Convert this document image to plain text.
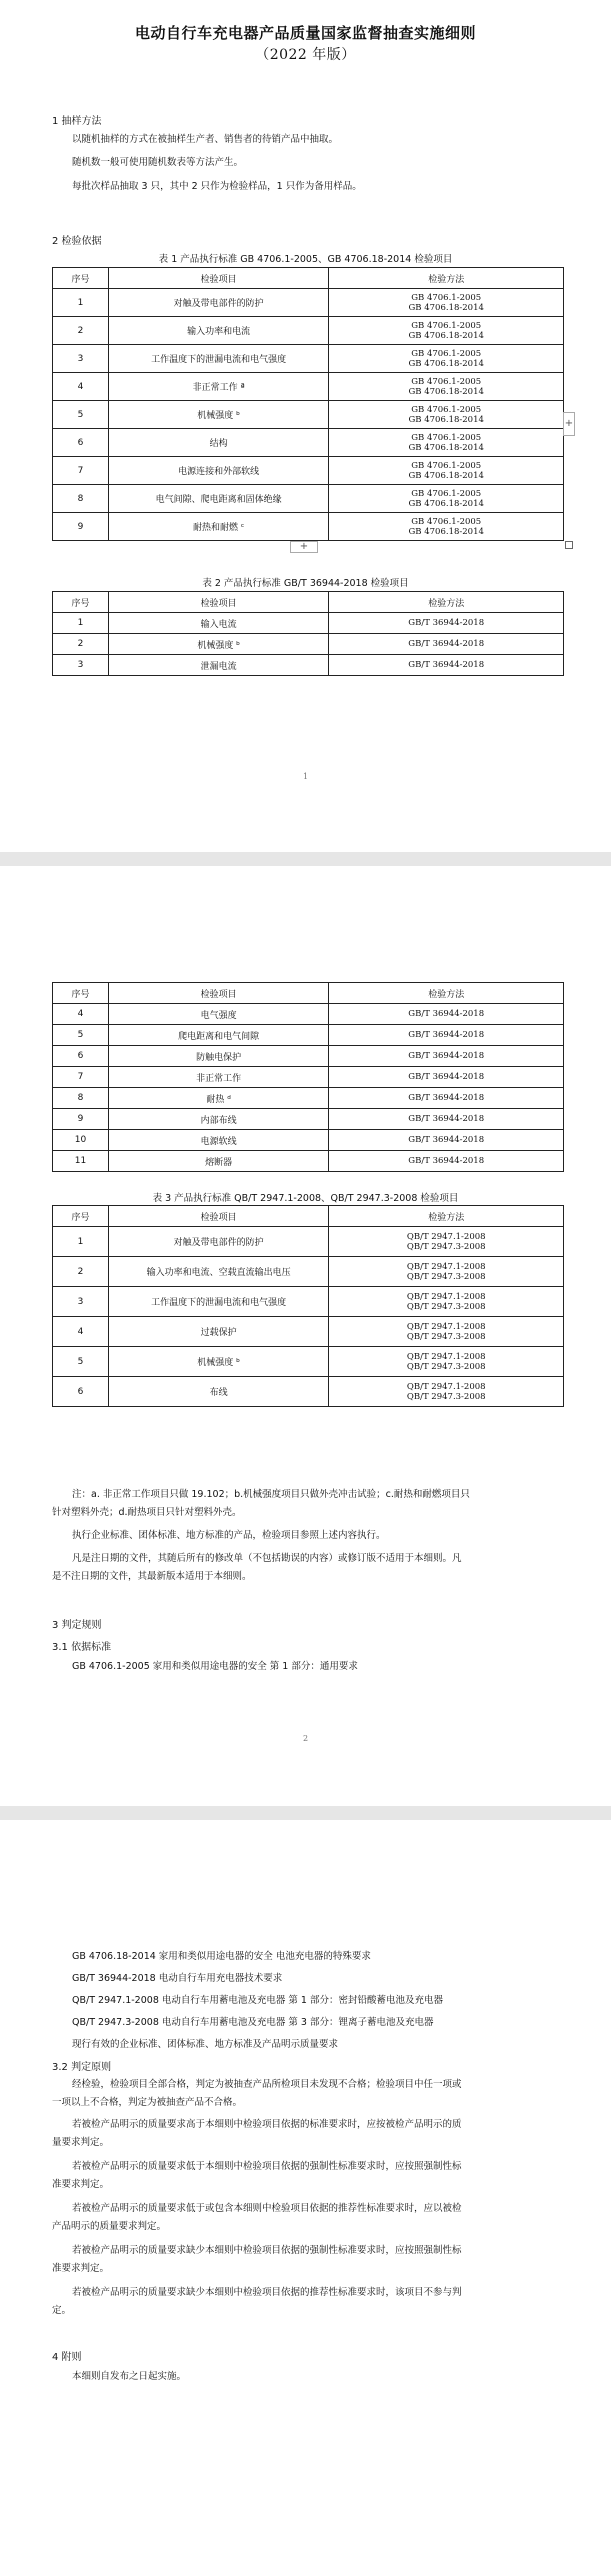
电动自行车充电器产品质量国家监督抽查实施细则
（2022 年版）
1 抽样方法
以随机抽样的方式在被抽样生产者、销售者的待销产品中抽取。
随机数一般可使用随机数表等方法产生。
每批次样品抽取 3 只，其中 2 只作为检验样品，1 只作为备用样品。
2 检验依据
表 1 产品执行标准 GB 4706.1-2005、GB 4706.18-2014 检验项目
序号	检验项目	检验方法
1	对触及带电部件的防护	GB 4706.1-2005
GB 4706.18-2014
2	输入功率和电流	GB 4706.1-2005
GB 4706.18-2014
3	工作温度下的泄漏电流和电气强度	GB 4706.1-2005
GB 4706.18-2014
4	非正常工作 ª	GB 4706.1-2005
GB 4706.18-2014
5	机械强度 ᵇ	GB 4706.1-2005
GB 4706.18-2014
6	结构	GB 4706.1-2005
GB 4706.18-2014
7	电源连接和外部软线	GB 4706.1-2005
GB 4706.18-2014
8	电气间隙、爬电距离和固体绝缘	GB 4706.1-2005
GB 4706.18-2014
9	耐热和耐燃 ᶜ	GB 4706.1-2005
GB 4706.18-2014
+
+
表 2 产品执行标准 GB/T 36944-2018 检验项目
序号	检验项目	检验方法
1	输入电流	GB/T 36944-2018
2	机械强度 ᵇ	GB/T 36944-2018
3	泄漏电流	GB/T 36944-2018
1
序号	检验项目	检验方法
4	电气强度	GB/T 36944-2018
5	爬电距离和电气间隙	GB/T 36944-2018
6	防触电保护	GB/T 36944-2018
7	非正常工作	GB/T 36944-2018
8	耐热 ᵈ	GB/T 36944-2018
9	内部布线	GB/T 36944-2018
10	电源软线	GB/T 36944-2018
11	熔断器	GB/T 36944-2018
表 3 产品执行标准 QB/T 2947.1-2008、QB/T 2947.3-2008 检验项目
序号	检验项目	检验方法
1	对触及带电部件的防护	QB/T 2947.1-2008
QB/T 2947.3-2008
2	输入功率和电流、空载直流输出电压	QB/T 2947.1-2008
QB/T 2947.3-2008
3	工作温度下的泄漏电流和电气强度	QB/T 2947.1-2008
QB/T 2947.3-2008
4	过载保护	QB/T 2947.1-2008
QB/T 2947.3-2008
5	机械强度 ᵇ	QB/T 2947.1-2008
QB/T 2947.3-2008
6	布线	QB/T 2947.1-2008
QB/T 2947.3-2008
注：a. 非正常工作项目只做 19.102；b.机械强度项目只做外壳冲击试验；c.耐热和耐燃项目只
针对塑料外壳；d.耐热项目只针对塑料外壳。
执行企业标准、团体标准、地方标准的产品，检验项目参照上述内容执行。
凡是注日期的文件，其随后所有的修改单（不包括勘误的内容）或修订版不适用于本细则。凡
是不注日期的文件，其最新版本适用于本细则。
3 判定规则
3.1 依据标准
GB 4706.1-2005 家用和类似用途电器的安全 第 1 部分：通用要求
2
GB 4706.18-2014 家用和类似用途电器的安全 电池充电器的特殊要求
GB/T 36944-2018 电动自行车用充电器技术要求
QB/T 2947.1-2008 电动自行车用蓄电池及充电器 第 1 部分：密封铅酸蓄电池及充电器
QB/T 2947.3-2008 电动自行车用蓄电池及充电器 第 3 部分：锂离子蓄电池及充电器
现行有效的企业标准、团体标准、地方标准及产品明示质量要求
3.2 判定原则
经检验，检验项目全部合格，判定为被抽查产品所检项目未发现不合格；检验项目中任一项或
一项以上不合格，判定为被抽查产品不合格。
若被检产品明示的质量要求高于本细则中检验项目依据的标准要求时，应按被检产品明示的质
量要求判定。
若被检产品明示的质量要求低于本细则中检验项目依据的强制性标准要求时，应按照强制性标
准要求判定。
若被检产品明示的质量要求低于或包含本细则中检验项目依据的推荐性标准要求时，应以被检
产品明示的质量要求判定。
若被检产品明示的质量要求缺少本细则中检验项目依据的强制性标准要求时，应按照强制性标
准要求判定。
若被检产品明示的质量要求缺少本细则中检验项目依据的推荐性标准要求时，该项目不参与判
定。
4 附则
本细则自发布之日起实施。
